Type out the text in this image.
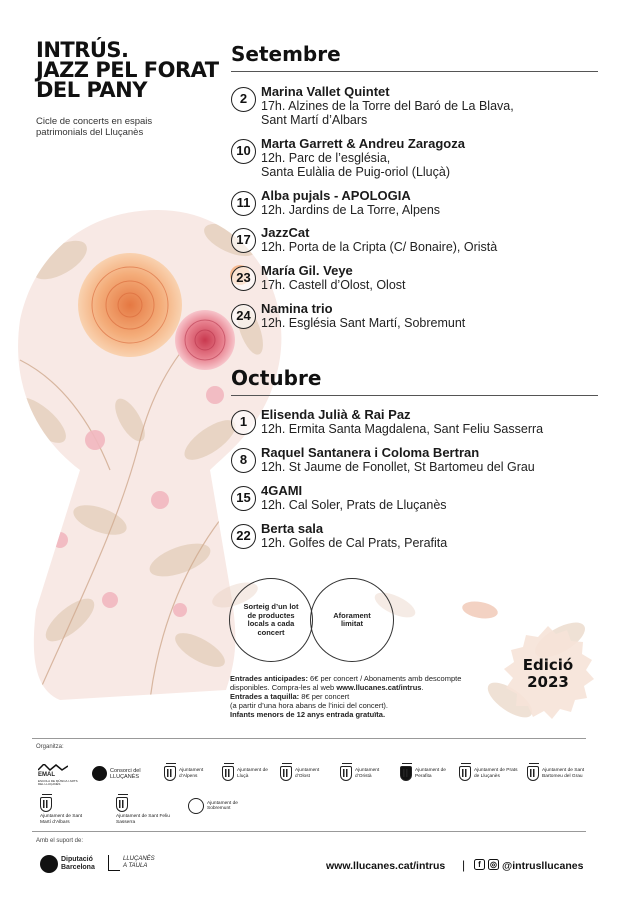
INTRÚS.
JAZZ PEL FORAT
DEL PANY
Cicle de concerts en espais patrimonials del Lluçanès
Setembre
2	Marina Vallet Quintet
17h. Alzines de la Torre del Baró de La Blava,
Sant Martí d’Albars
10 Marta Garrett & Andreu Zaragoza
12h. Parc de l’església,
Santa Eulàlia de Puig-oriol (Lluçà)
11 Alba pujals - APOLOGIA
12h. Jardins de La Torre, Alpens
17 JazzCat
12h. Porta de la Cripta (C/ Bonaire), Oristà
23 María Gil. Veye
17h. Castell d’Olost, Olost
24 Namina trio
12h. Església Sant Martí, Sobremunt
Octubre
1	Elisenda Julià & Rai Paz
12h. Ermita Santa Magdalena, Sant Feliu Sasserra
8	Raquel Santanera i Coloma Bertran
12h. St Jaume de Fonollet, St Bartomeu del Grau
15 4GAMI
12h. Cal Soler, Prats de Lluçanès
22 Berta sala
12h. Golfes de Cal Prats, Perafita
Sorteig d’un lot de productes locals a cada concert
Aforament limitat
Entrades anticipades: 6€ per concert / Abonaments amb descompte disponibles. Compra-les al web www.llucanes.cat/intrus.
Entrades a taquilla: 8€ per concert
(a partir d’una hora abans de l’inici del concert).
Infants menors de 12 anys entrada gratuïta.
Edició
2023
Organitza:
EMAL
ESCOLA DE MÚSICA I ARTS DEL LLUÇANÈS
Consorci del LLUÇANÈS
Ajuntament d’Alpens
Ajuntament de Lluçà
Ajuntament d’Olost
Ajuntament d’Oristà
Ajuntament de Perafita
Ajuntament de Prats de Lluçanès
Ajuntament de Sant Bartomeu del Grau
Ajuntament de Sant Martí d’Albars
Ajuntament de Sant Feliu Sasserra
Ajuntament de Sobremunt
Amb el suport de:
Diputació
Barcelona
LLUÇANÈS
A TAULA	www.llucanes.cat/intrus |	f	◎ @intrusllucanes
